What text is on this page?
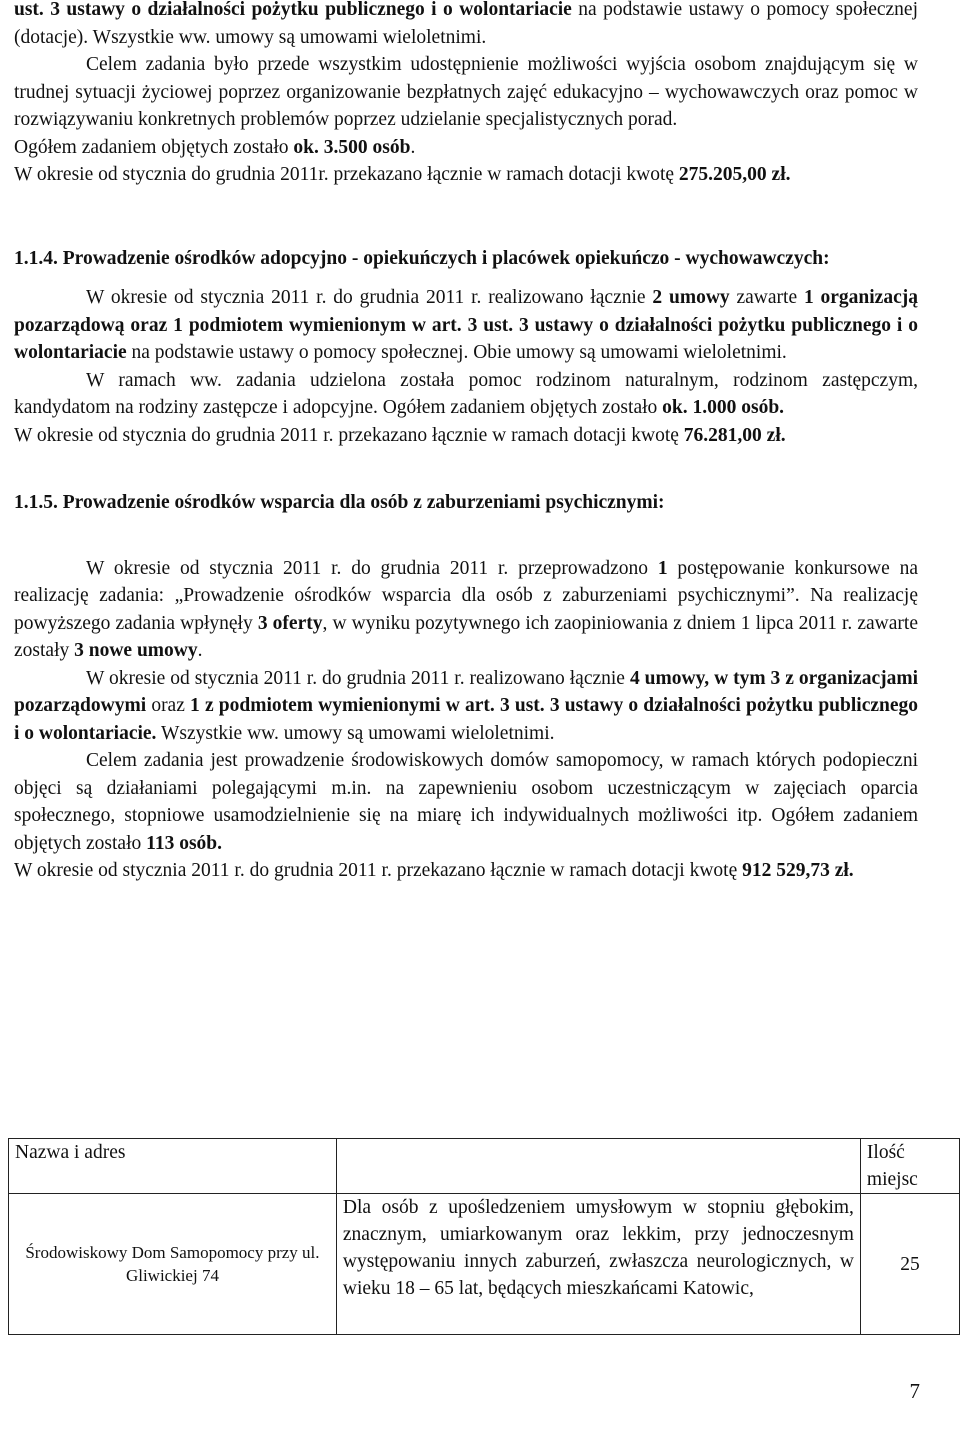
ust. 3 ustawy o działalności pożytku publicznego i o wolontariacie na podstawie ustawy o pomocy społecznej (dotacje). Wszystkie ww. umowy są umowami wieloletnimi.

Celem zadania było przede wszystkim udostępnienie możliwości wyjścia osobom znajdującym się w trudnej sytuacji życiowej poprzez organizowanie bezpłatnych zajęć edukacyjno – wychowawczych oraz pomoc w rozwiązywaniu konkretnych problemów poprzez udzielanie specjalistycznych porad.

Ogółem zadaniem objętych zostało ok. 3.500 osób.

W okresie od stycznia do grudnia 2011r. przekazano łącznie w ramach dotacji kwotę 275.205,00 zł.

1.1.4. Prowadzenie ośrodków adopcyjno - opiekuńczych i placówek opiekuńczo - wychowawczych:

W okresie od stycznia 2011 r. do grudnia 2011 r. realizowano łącznie 2 umowy zawarte 1 organizacją pozarządową oraz 1 podmiotem wymienionym w art. 3 ust. 3 ustawy o działalności pożytku publicznego i o wolontariacie na podstawie ustawy o pomocy społecznej. Obie umowy są umowami wieloletnimi.

W ramach ww. zadania udzielona została pomoc rodzinom naturalnym, rodzinom zastępczym, kandydatom na rodziny zastępcze i adopcyjne. Ogółem zadaniem objętych zostało ok. 1.000 osób.

W okresie od stycznia do grudnia 2011 r. przekazano łącznie w ramach dotacji kwotę 76.281,00 zł.

1.1.5. Prowadzenie ośrodków wsparcia dla osób z zaburzeniami psychicznymi:

W okresie od stycznia 2011 r. do grudnia 2011 r. przeprowadzono 1 postępowanie konkursowe na realizację zadania: „Prowadzenie ośrodków wsparcia dla osób z zaburzeniami psychicznymi”. Na realizację powyższego zadania wpłynęły 3 oferty, w wyniku pozytywnego ich zaopiniowania z dniem 1 lipca 2011 r. zawarte zostały 3 nowe umowy.

W okresie od stycznia 2011 r. do grudnia 2011 r. realizowano łącznie 4 umowy, w tym 3 z organizacjami pozarządowymi oraz 1 z podmiotem wymienionymi w art. 3 ust. 3 ustawy o działalności pożytku publicznego i o wolontariacie. Wszystkie ww. umowy są umowami wieloletnimi.

Celem zadania jest prowadzenie środowiskowych domów samopomocy, w ramach których podopieczni objęci są działaniami polegającymi m.in. na zapewnieniu osobom uczestniczącym w zajęciach oparcia społecznego, stopniowe usamodzielnienie się na miarę ich indywidualnych możliwości itp. Ogółem zadaniem objętych zostało 113 osób.

W okresie od stycznia 2011 r. do grudnia 2011 r. przekazano łącznie w ramach dotacji kwotę 912 529,73 zł.

Nazwa i adres		Ilość miejsc

Środowiskowy Dom Samopomocy przy ul. Gliwickiej 74	Dla osób z upośledzeniem umysłowym w stopniu głębokim, znacznym, umiarkowanym oraz lekkim, przy jednoczesnym występowaniu innych zaburzeń, zwłaszcza neurologicznych, w wieku 18 – 65 lat, będących mieszkańcami Katowic,	25
7
